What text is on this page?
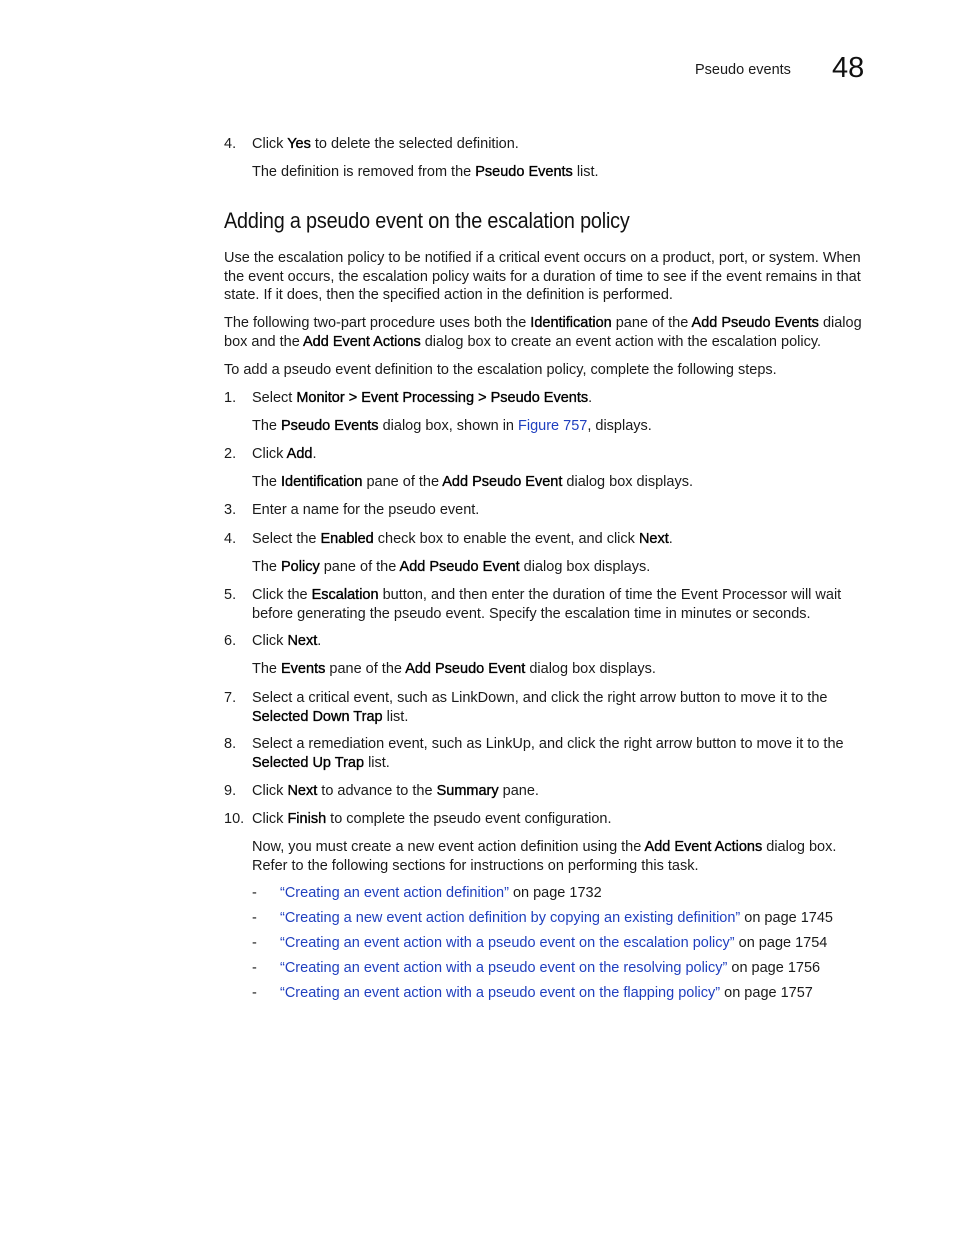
Pseudo events 48
4.	Click Yes to delete the selected definition.

The definition is removed from the Pseudo Events list.

Adding a pseudo event on the escalation policy

Use the escalation policy to be notified if a critical event occurs on a product, port, or system. When the event occurs, the escalation policy waits for a duration of time to see if the event remains in that state. If it does, then the specified action in the definition is performed.

The following two-part procedure uses both the Identification pane of the Add Pseudo Events dialog box and the Add Event Actions dialog box to create an event action with the escalation policy.

To add a pseudo event definition to the escalation policy, complete the following steps.

1.	Select Monitor > Event Processing > Pseudo Events.

The Pseudo Events dialog box, shown in Figure 757, displays.

2.	Click Add.

The Identification pane of the Add Pseudo Event dialog box displays.

3.	Enter a name for the pseudo event.

4.	Select the Enabled check box to enable the event, and click Next.

The Policy pane of the Add Pseudo Event dialog box displays.

5.	Click the Escalation button, and then enter the duration of time the Event Processor will wait before generating the pseudo event. Specify the escalation time in minutes or seconds.

6.	Click Next.

The Events pane of the Add Pseudo Event dialog box displays.

7.	Select a critical event, such as LinkDown, and click the right arrow button to move it to the Selected Down Trap list.

8.	Select a remediation event, such as LinkUp, and click the right arrow button to move it to the Selected Up Trap list.

9.	Click Next to advance to the Summary pane.

10. Click Finish to complete the pseudo event configuration.

Now, you must create a new event action definition using the Add Event Actions dialog box. Refer to the following sections for instructions on performing this task.

- “Creating an event action definition” on page 1732
- “Creating a new event action definition by copying an existing definition” on page 1745
- “Creating an event action with a pseudo event on the escalation policy” on page 1754
- “Creating an event action with a pseudo event on the resolving policy” on page 1756
- “Creating an event action with a pseudo event on the flapping policy” on page 1757
